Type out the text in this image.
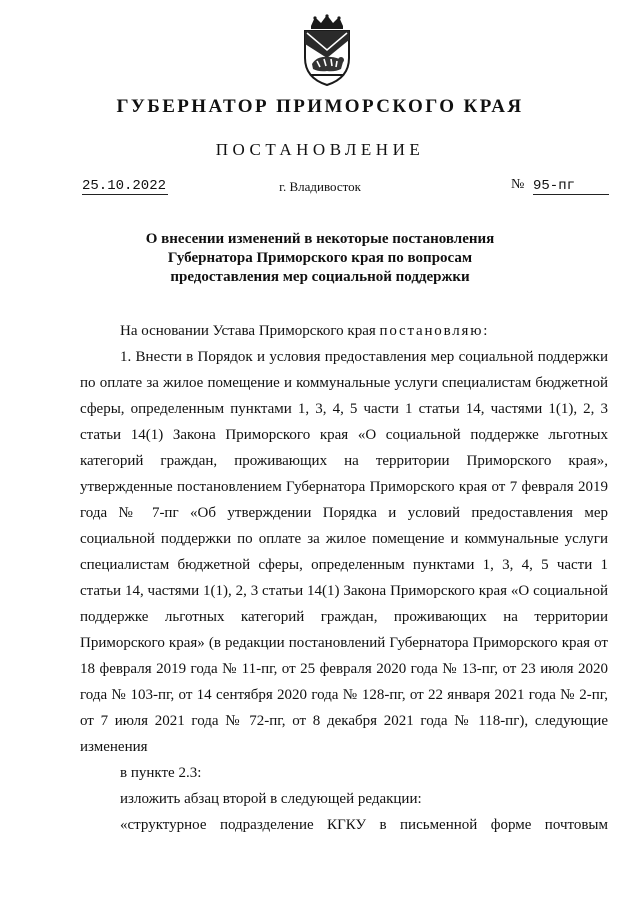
ГУБЕРНАТОР ПРИМОРСКОГО КРАЯ
ПОСТАНОВЛЕНИЕ
25.10.2022	г. Владивосток	№ 95-пг
О внесении изменений в некоторые постановления
Губернатора Приморского края по вопросам
предоставления мер социальной поддержки

На основании Устава Приморского края постановляю:

1. Внести в Порядок и условия предоставления мер социальной поддержки по оплате за жилое помещение и коммунальные услуги специалистам бюджетной сферы, определенным пунктами 1, 3, 4, 5 части 1 статьи 14, частями 1(1), 2, 3 статьи 14(1) Закона Приморского края «О социальной поддержке льготных категорий граждан, проживающих на территории Приморского края», утвержденные постановлением Губернатора Приморского края от 7 февраля 2019 года № 7-пг «Об утверждении Порядка и условий предоставления мер социальной поддержки по оплате за жилое помещение и коммунальные услуги специалистам бюджетной сферы, определенным пунктами 1, 3, 4, 5 части 1 статьи 14, частями 1(1), 2, 3 статьи 14(1) Закона Приморского края «О социальной поддержке льготных категорий граждан, проживающих на территории Приморского края» (в редакции постановлений Губернатора Приморского края от 18 февраля 2019 года № 11-пг, от 25 февраля 2020 года № 13-пг, от 23 июля 2020 года № 103-пг, от 14 сентября 2020 года № 128-пг, от 22 января 2021 года № 2-пг, от 7 июля 2021 года № 72-пг, от 8 декабря 2021 года № 118-пг), следующие изменения

в пункте 2.3:

изложить абзац второй в следующей редакции:

«структурное подразделение КГКУ в письменной форме почтовым
